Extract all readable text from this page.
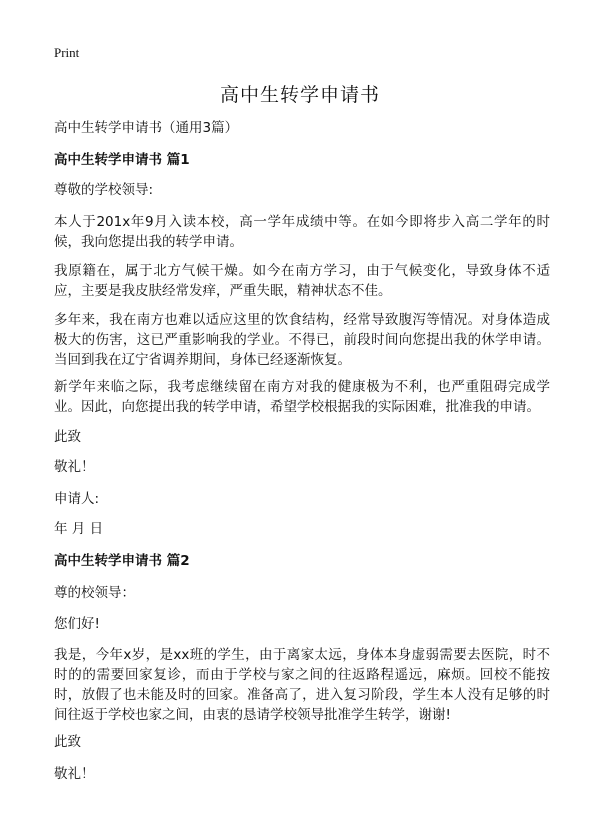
Print
高中生转学申请书

高中生转学申请书（通用3篇）

高中生转学申请书 篇1

尊敬的学校领导:

本人于201x年9月入读本校，高一学年成绩中等。在如今即将步入高二学年的时候，我向您提出我的转学申请。

我原籍在，属于北方气候干燥。如今在南方学习，由于气候变化，导致身体不适应，主要是我皮肤经常发痒，严重失眠，精神状态不佳。

多年来，我在南方也难以适应这里的饮食结构，经常导致腹泻等情况。对身体造成极大的伤害，这已严重影响我的学业。不得已，前段时间向您提出我的休学申请。当回到我在辽宁省调养期间，身体已经逐渐恢复。

新学年来临之际，我考虑继续留在南方对我的健康极为不利，也严重阻碍完成学业。因此，向您提出我的转学申请，希望学校根据我的实际困难，批准我的申请。

此致

敬礼！

申请人:

年 月 日

高中生转学申请书 篇2

尊的校领导：

您们好!

我是，今年x岁，是xx班的学生，由于离家太远，身体本身虚弱需要去医院，时不时的的需要回家复诊，而由于学校与家之间的往返路程遥远，麻烦。回校不能按时，放假了也未能及时的回家。准备高了，进入复习阶段，学生本人没有足够的时间往返于学校也家之间，由衷的恳请学校领导批准学生转学，谢谢!

此致

敬礼！
